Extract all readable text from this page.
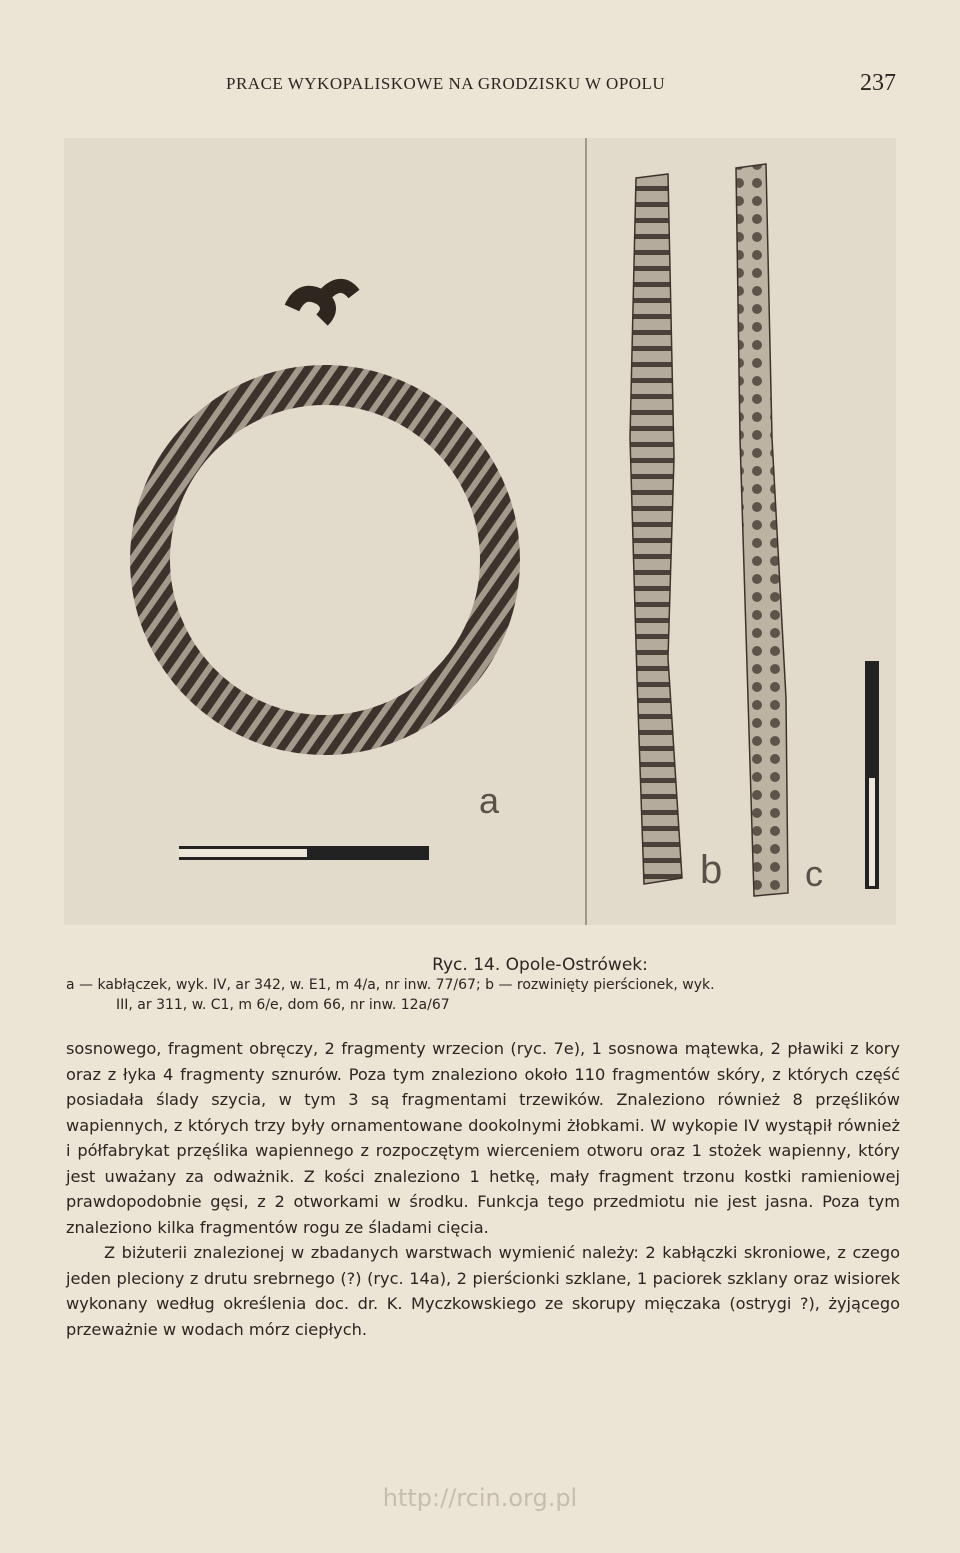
PRACE WYKOPALISKOWE NA GRODZISKU W OPOLU	237
a
b c
Ryc. 14. Opole-Ostrówek:
a — kabłączek, wyk. IV, ar 342, w. E1, m 4/a, nr inw. 77/67; b — rozwinięty pierścionek, wyk.
III, ar 311, w. C1, m 6/e, dom 66, nr inw. 12a/67

sosnowego, fragment obręczy, 2 fragmenty wrzecion (ryc. 7e), 1 sosnowa mątewka, 2 pławiki z kory oraz z łyka 4 fragmenty sznurów. Poza tym znaleziono około 110 fragmentów skóry, z których część posiadała ślady szycia, w tym 3 są fragmentami trzewików. Znaleziono również 8 przęślików wapiennych, z których trzy były ornamentowane dookolnymi żłobkami. W wykopie IV wystąpił również i półfabrykat przęślika wapiennego z rozpoczętym wierceniem otworu oraz 1 stożek wapienny, który jest uważany za odważnik. Z kości znaleziono 1 hetkę, mały fragment trzonu kostki ramieniowej prawdopodobnie gęsi, z 2 otworkami w środku. Funkcja tego przedmiotu nie jest jasna. Poza tym znaleziono kilka fragmentów rogu ze śladami cięcia.

Z biżuterii znalezionej w zbadanych warstwach wymienić należy: 2 kabłączki skroniowe, z czego jeden pleciony z drutu srebrnego (?) (ryc. 14a), 2 pierścionki szklane, 1 paciorek szklany oraz wisiorek wykonany według określenia doc. dr. K. Myczkowskiego ze skorupy mięczaka (ostrygi ?), żyjącego przeważnie w wodach mórz ciepłych.

http://rcin.org.pl
